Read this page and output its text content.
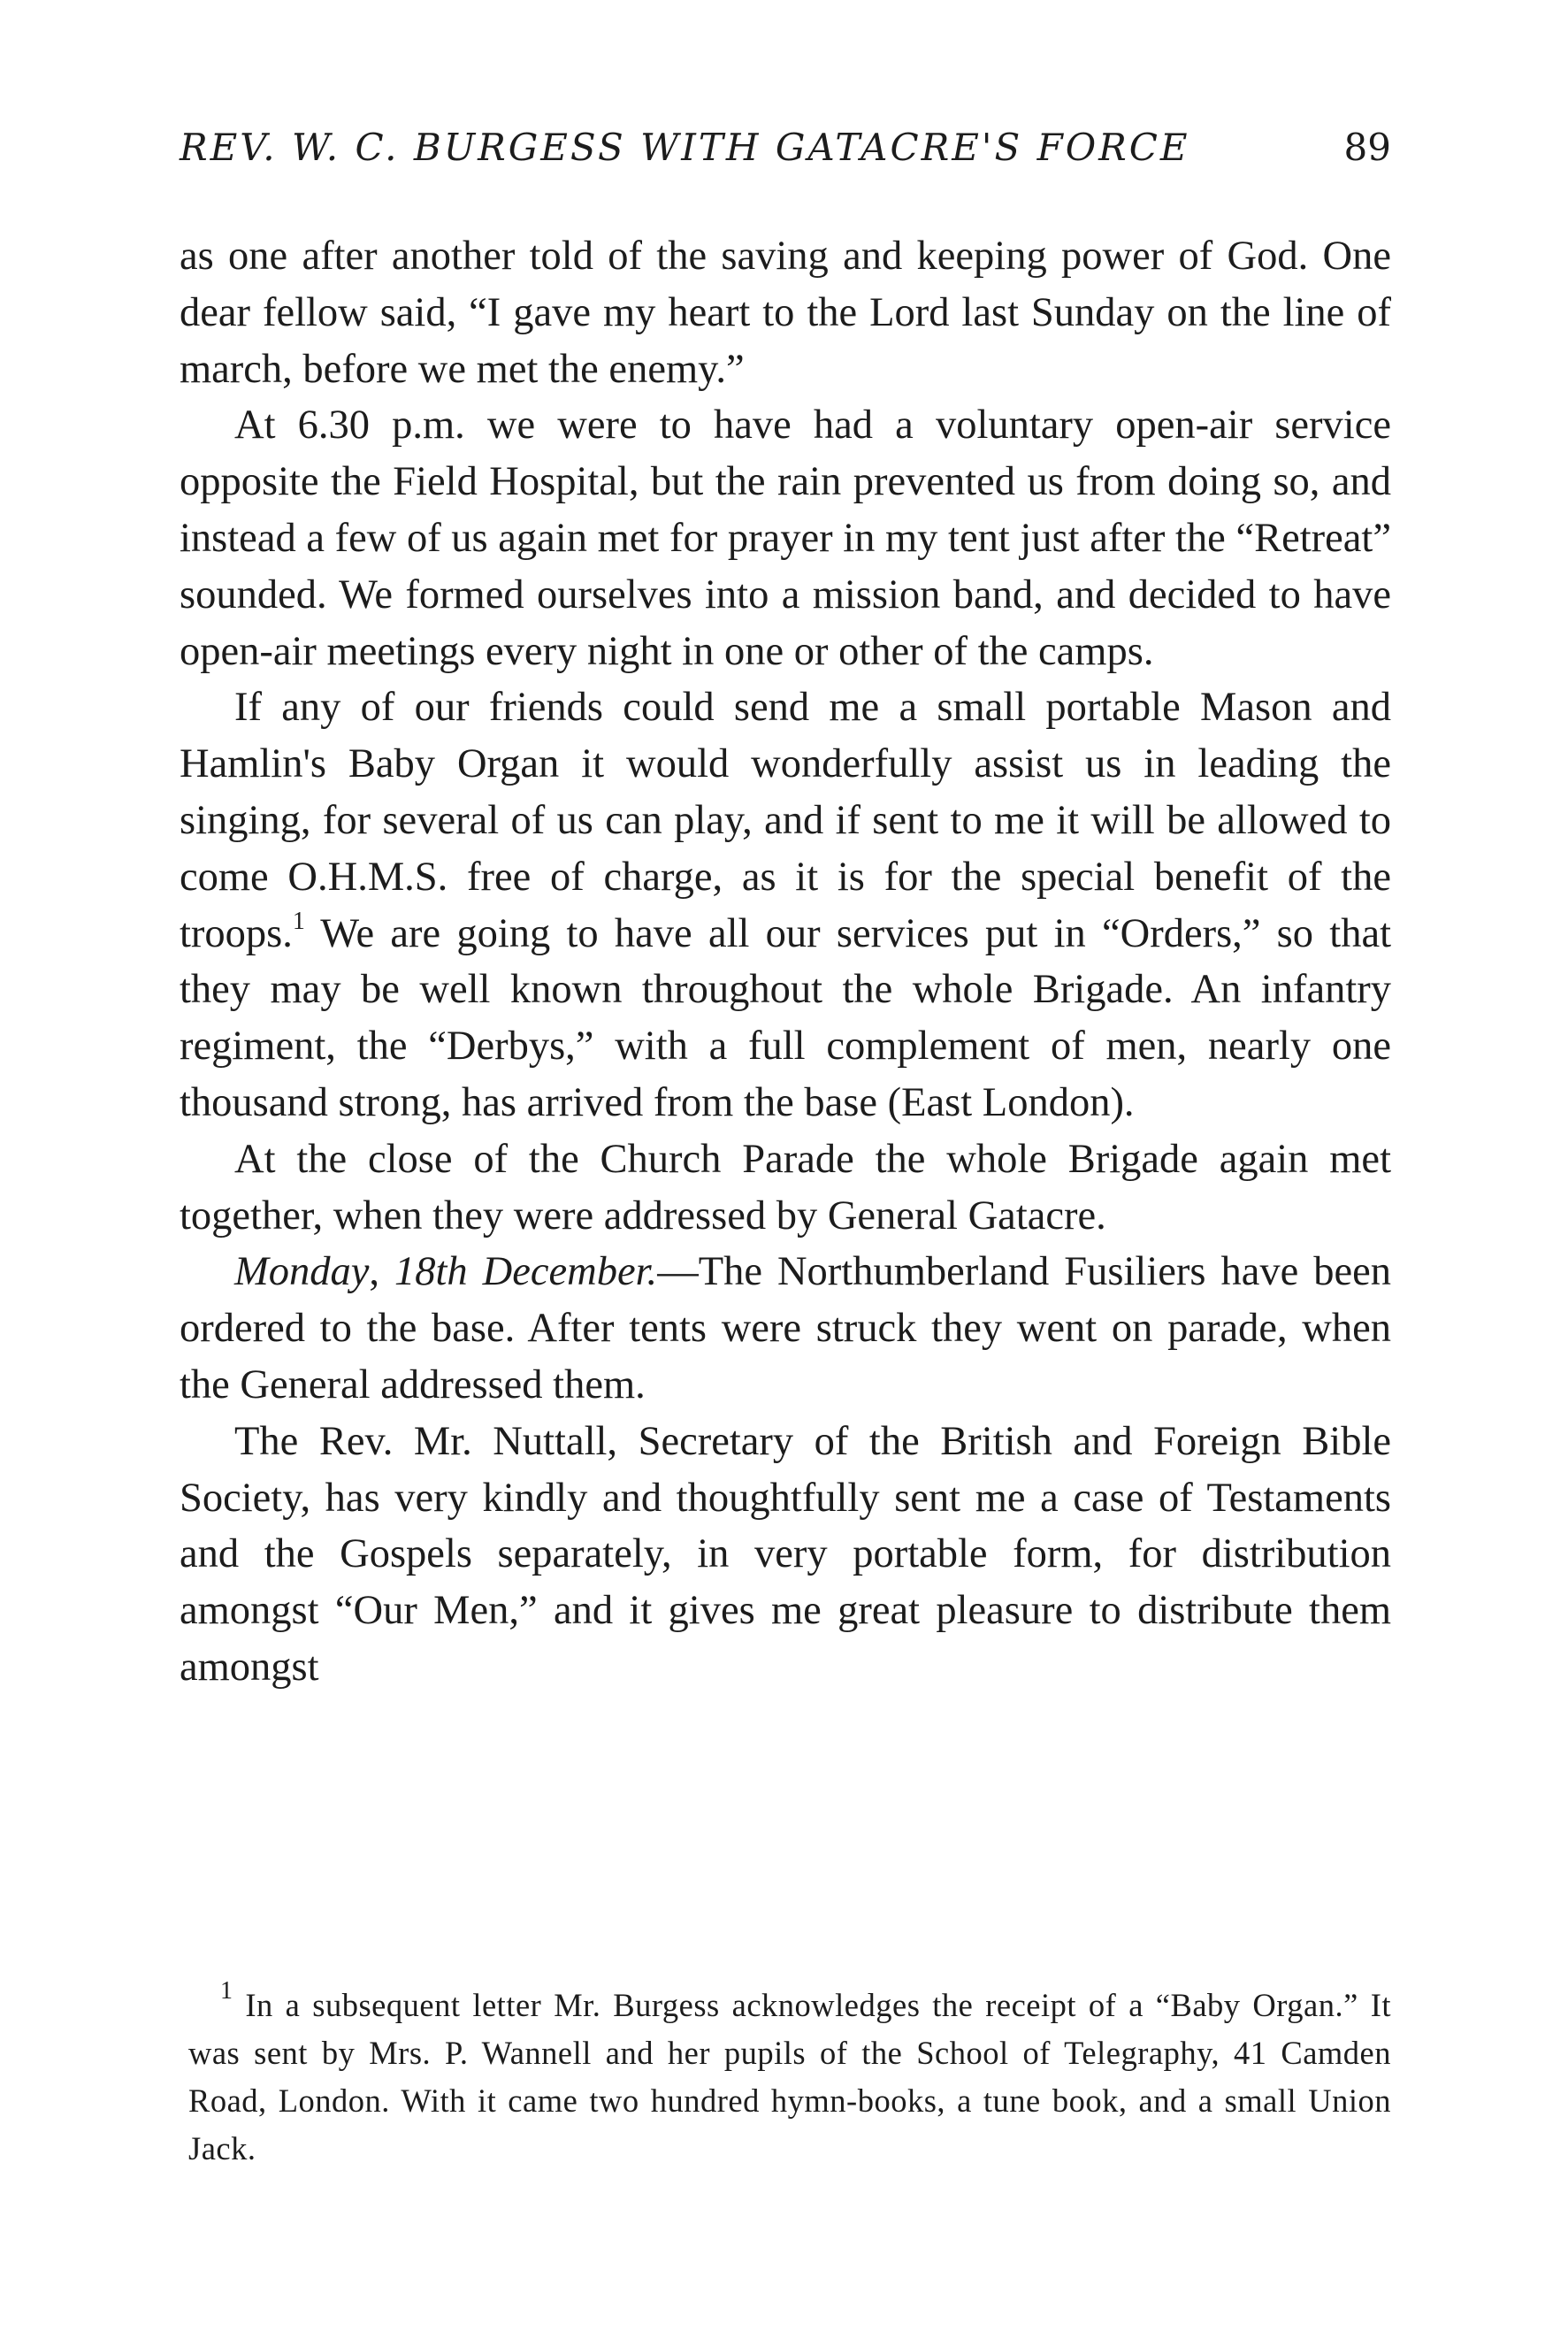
REV. W. C. BURGESS WITH GATACRE'S FORCE	89

as one after another told of the saving and keeping power of God. One dear fellow said, “I gave my heart to the Lord last Sunday on the line of march, before we met the enemy.”

At 6.30 p.m. we were to have had a voluntary open-air service opposite the Field Hospital, but the rain prevented us from doing so, and instead a few of us again met for prayer in my tent just after the “Retreat” sounded. We formed ourselves into a mission band, and decided to have open-air meetings every night in one or other of the camps.

If any of our friends could send me a small portable Mason and Hamlin's Baby Organ it would wonderfully assist us in leading the singing, for several of us can play, and if sent to me it will be allowed to come O.H.M.S. free of charge, as it is for the special benefit of the troops.$^1$ We are going to have all our services put in “Orders,” so that they may be well known throughout the whole Brigade. An infantry regiment, the “Derbys,” with a full complement of men, nearly one thousand strong, has arrived from the base (East London).

At the close of the Church Parade the whole Brigade again met together, when they were addressed by General Gatacre.

Monday, 18th December.—The Northumberland Fusiliers have been ordered to the base. After tents were struck they went on parade, when the General addressed them.

The Rev. Mr. Nuttall, Secretary of the British and Foreign Bible Society, has very kindly and thoughtfully sent me a case of Testaments and the Gospels separately, in very portable form, for distribution amongst “Our Men,” and it gives me great pleasure to distribute them amongst

$^1$ In a subsequent letter Mr. Burgess acknowledges the receipt of a “Baby Organ.” It was sent by Mrs. P. Wannell and her pupils of the School of Telegraphy, 41 Camden Road, London. With it came two hundred hymn-books, a tune book, and a small Union Jack.
